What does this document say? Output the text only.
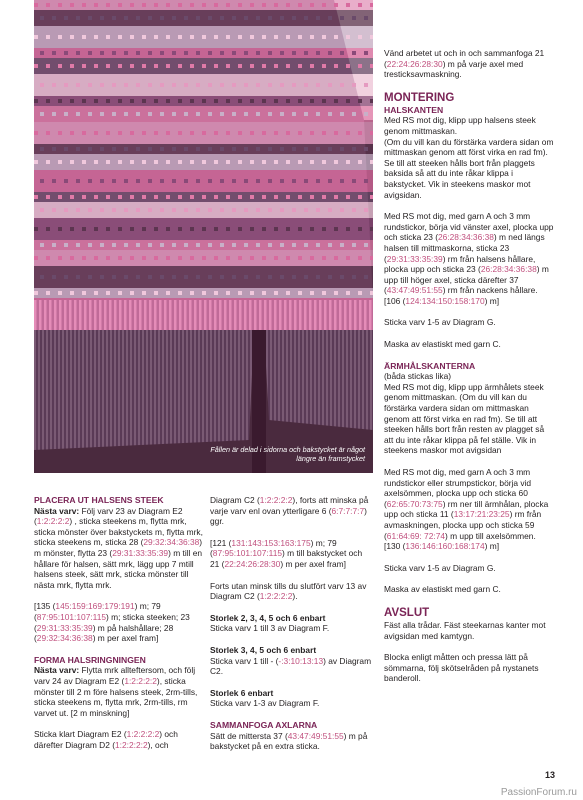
Fållen är delad i sidorna och bakstycket är något längre än framstycket
PLACERA UT HALSENS STEEK

Nästa varv: Följ varv 23 av Diagram E2 (1:2:2:2:2) , sticka steekens m, flytta mrk, sticka mönster över bakstyckets m, flytta mrk, sticka steekens m, sticka 28 (29:32:34:36:38) m mönster, flytta 23 (29:31:33:35:39) m till en hållare för halsen, sätt mrk, lägg upp 7 mtill halsens steek, sätt mrk, sticka mönster till nästa mrk, flytta mrk.

[135 (145:159:169:179:191) m; 79 (87:95:101:107:115) m; sticka steeken; 23 (29:31:33:35:39) m på halshållare; 28 (29:32:34:36:38) m per axel fram]

FORMA HALSRINGNINGEN

Nästa varv: Flytta mrk allteftersom, och följ varv 24 av Diagram E2 (1:2:2:2:2), sticka mönster till 2 m före halsens steek, 2rm-tills, sticka steekens m, flytta mrk, 2rm-tills, rm varvet ut. [2 m minskning]

Sticka klart Diagram E2 (1:2:2:2:2) och därefter Diagram D2 (1:2:2:2:2), och

Diagram C2 (1:2:2:2:2), forts att minska på varje varv enl ovan ytterligare 6 (6:7:7:7:7) ggr.

[121 (131:143:153:163:175) m; 79 (87:95:101:107:115) m till bakstycket och 21 (22:24:26:28:30) m per axel fram]

Forts utan minsk tills du slutfört varv 13 av Diagram C2 (1:2:2:2:2).

Storlek 2, 3, 4, 5 och 6 enbart

Sticka varv 1 till 3 av Diagram F.

Storlek 3, 4, 5 och 6 enbart

Sticka varv 1 till - (-:3:10:13:13) av Diagram C2.

Storlek 6 enbart

Sticka varv 1-3 av Diagram F.

SAMMANFOGA AXLARNA

Sätt de mittersta 37 (43:47:49:51:55) m på bakstycket på en extra sticka.

Vänd arbetet ut och in och sammanfoga 21 (22:24:26:28:30) m på varje axel med tresticksavmaskning.

MONTERING
HALSKANTEN

Med RS mot dig, klipp upp halsens steek genom mittmaskan.
(Om du vill kan du förstärka vardera sidan om mittmaskan genom att först virka en rad fm). Se till att steeken hålls bort från plaggets baksida så att du inte råkar klippa i bakstycket. Vik in steekens maskor mot avigsidan.

Med RS mot dig, med garn A och 3 mm rundstickor, börja vid vänster axel, plocka upp och sticka 23 (26:28:34:36:38) m ned längs halsen till mittmaskorna, sticka 23 (29:31:33:35:39) rm från halsens hållare, plocka upp och sticka 23 (26:28:34:36:38) m upp till höger axel, sticka därefter 37 (43:47:49:51:55) rm från nackens hållare. [106 (124:134:150:158:170) m]

Sticka varv 1-5 av Diagram G.

Maska av elastiskt med garn C.

ÄRMHÅLSKANTERNA
(båda stickas lika)

Med RS mot dig, klipp upp ärmhålets steek genom mittmaskan. (Om du vill kan du förstärka vardera sidan om mittmaskan genom att först virka en rad fm). Se till att steeken hålls bort från resten av plagget så att du inte råkar klippa på fel ställe. Vik in steekens maskor mot avigsidan

Med RS mot dig, med garn A och 3 mm rundstickor eller strumpstickor, börja vid axelsömmen, plocka upp och sticka 60 (62:65:70:73:75) rm ner till ärmhålan, plocka upp och sticka 11 (13:17:21:23:25) rm från avmaskningen, plocka upp och sticka 59 (61:64:69: 72:74) m upp till axelsömmen. [130 (136:146:160:168:174) m]

Sticka varv 1-5 av Diagram G.

Maska av elastiskt med garn C.

AVSLUT

Fäst alla trådar. Fäst steekarnas kanter mot avigsidan med kamtygn.

Blocka enligt måtten och pressa lätt på sömmarna, följ skötselråden på nystanets banderoll.

13
PassionForum.ru
